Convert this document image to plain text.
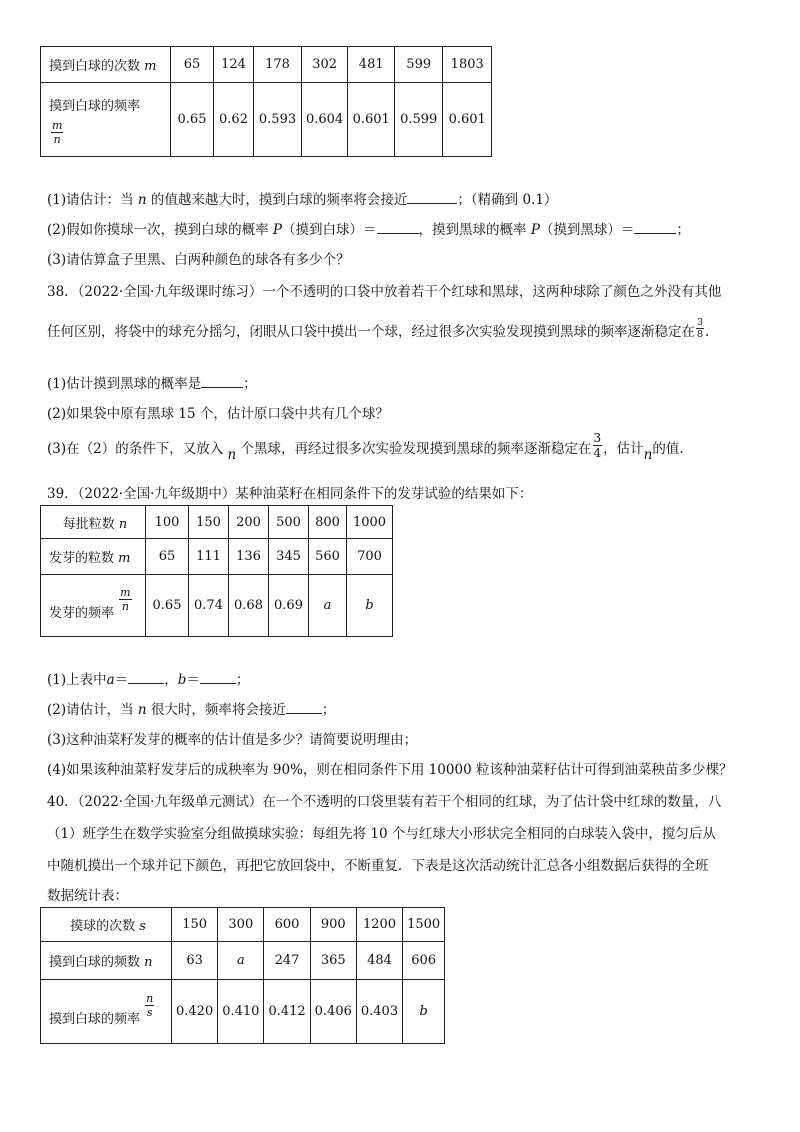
摸到白球的次数 m	65	124	178	302	481	599	1803

摸到白球的频率
$\frac{m}{n}$	0.65	0.62	0.593	0.604	0.601	0.599	0.601
(1)请估计：当 n 的值越来越大时，摸到白球的频率将会接近	；（精确到 0.1）
(2)假如你摸球一次，摸到白球的概率 P（摸到白球）＝	，摸到黑球的概率 P（摸到黑球）＝	；
(3)请估算盒子里黑、白两种颜色的球各有多少个？
38．（2022·全国·九年级课时练习）一个不透明的口袋中放着若干个红球和黑球，这两种球除了颜色之外没有其他
任何区别，将袋中的球充分摇匀，闭眼从口袋中摸出一个球，经过很多次实验发现摸到黑球的频率逐渐稳定在 $\frac{3}{8}$ .
(1)估计摸到黑球的概率是	；
(2)如果袋中原有黑球 15 个，估计原口袋中共有几个球？
(3)在（2）的条件下，又放入 n 个黑球，再经过很多次实验发现摸到黑球的频率逐渐稳定在 $\frac{3}{4}$ ，估计n的值.
39．（2022·全国·九年级期中）某种油菜籽在相同条件下的发芽试验的结果如下：
每批粒数 n	100	150	200	500	800	1000
发芽的粒数 m	65	111	136	345	560	700
发芽的频率
$\frac{m}{n}$	0.65	0.74	0.68	0.69	a	b
(1)上表中a＝	，b＝	；
(2)请估计，当 n 很大时，频率将会接近	；
(3)这种油菜籽发芽的概率的估计值是多少？请简要说明理由；
(4)如果该种油菜籽发芽后的成秧率为 90%，则在相同条件下用 10000 粒该种油菜籽估计可得到油菜秧苗多少棵？
40．（2022·全国·九年级单元测试）在一个不透明的口袋里装有若干个相同的红球，为了估计袋中红球的数量，八
（1）班学生在数学实验室分组做摸球实验：每组先将 10 个与红球大小形状完全相同的白球装入袋中，搅匀后从
中随机摸出一个球并记下颜色，再把它放回袋中，不断重复．下表是这次活动统计汇总各小组数据后获得的全班
数据统计表：
摸球的次数 s	150	300	600	900	1200	1500
摸到白球的频数 n	63	a	247	365	484	606
摸到白球的频率
$\frac{n}{s}$	0.420	0.410	0.412	0.406	0.403	b
